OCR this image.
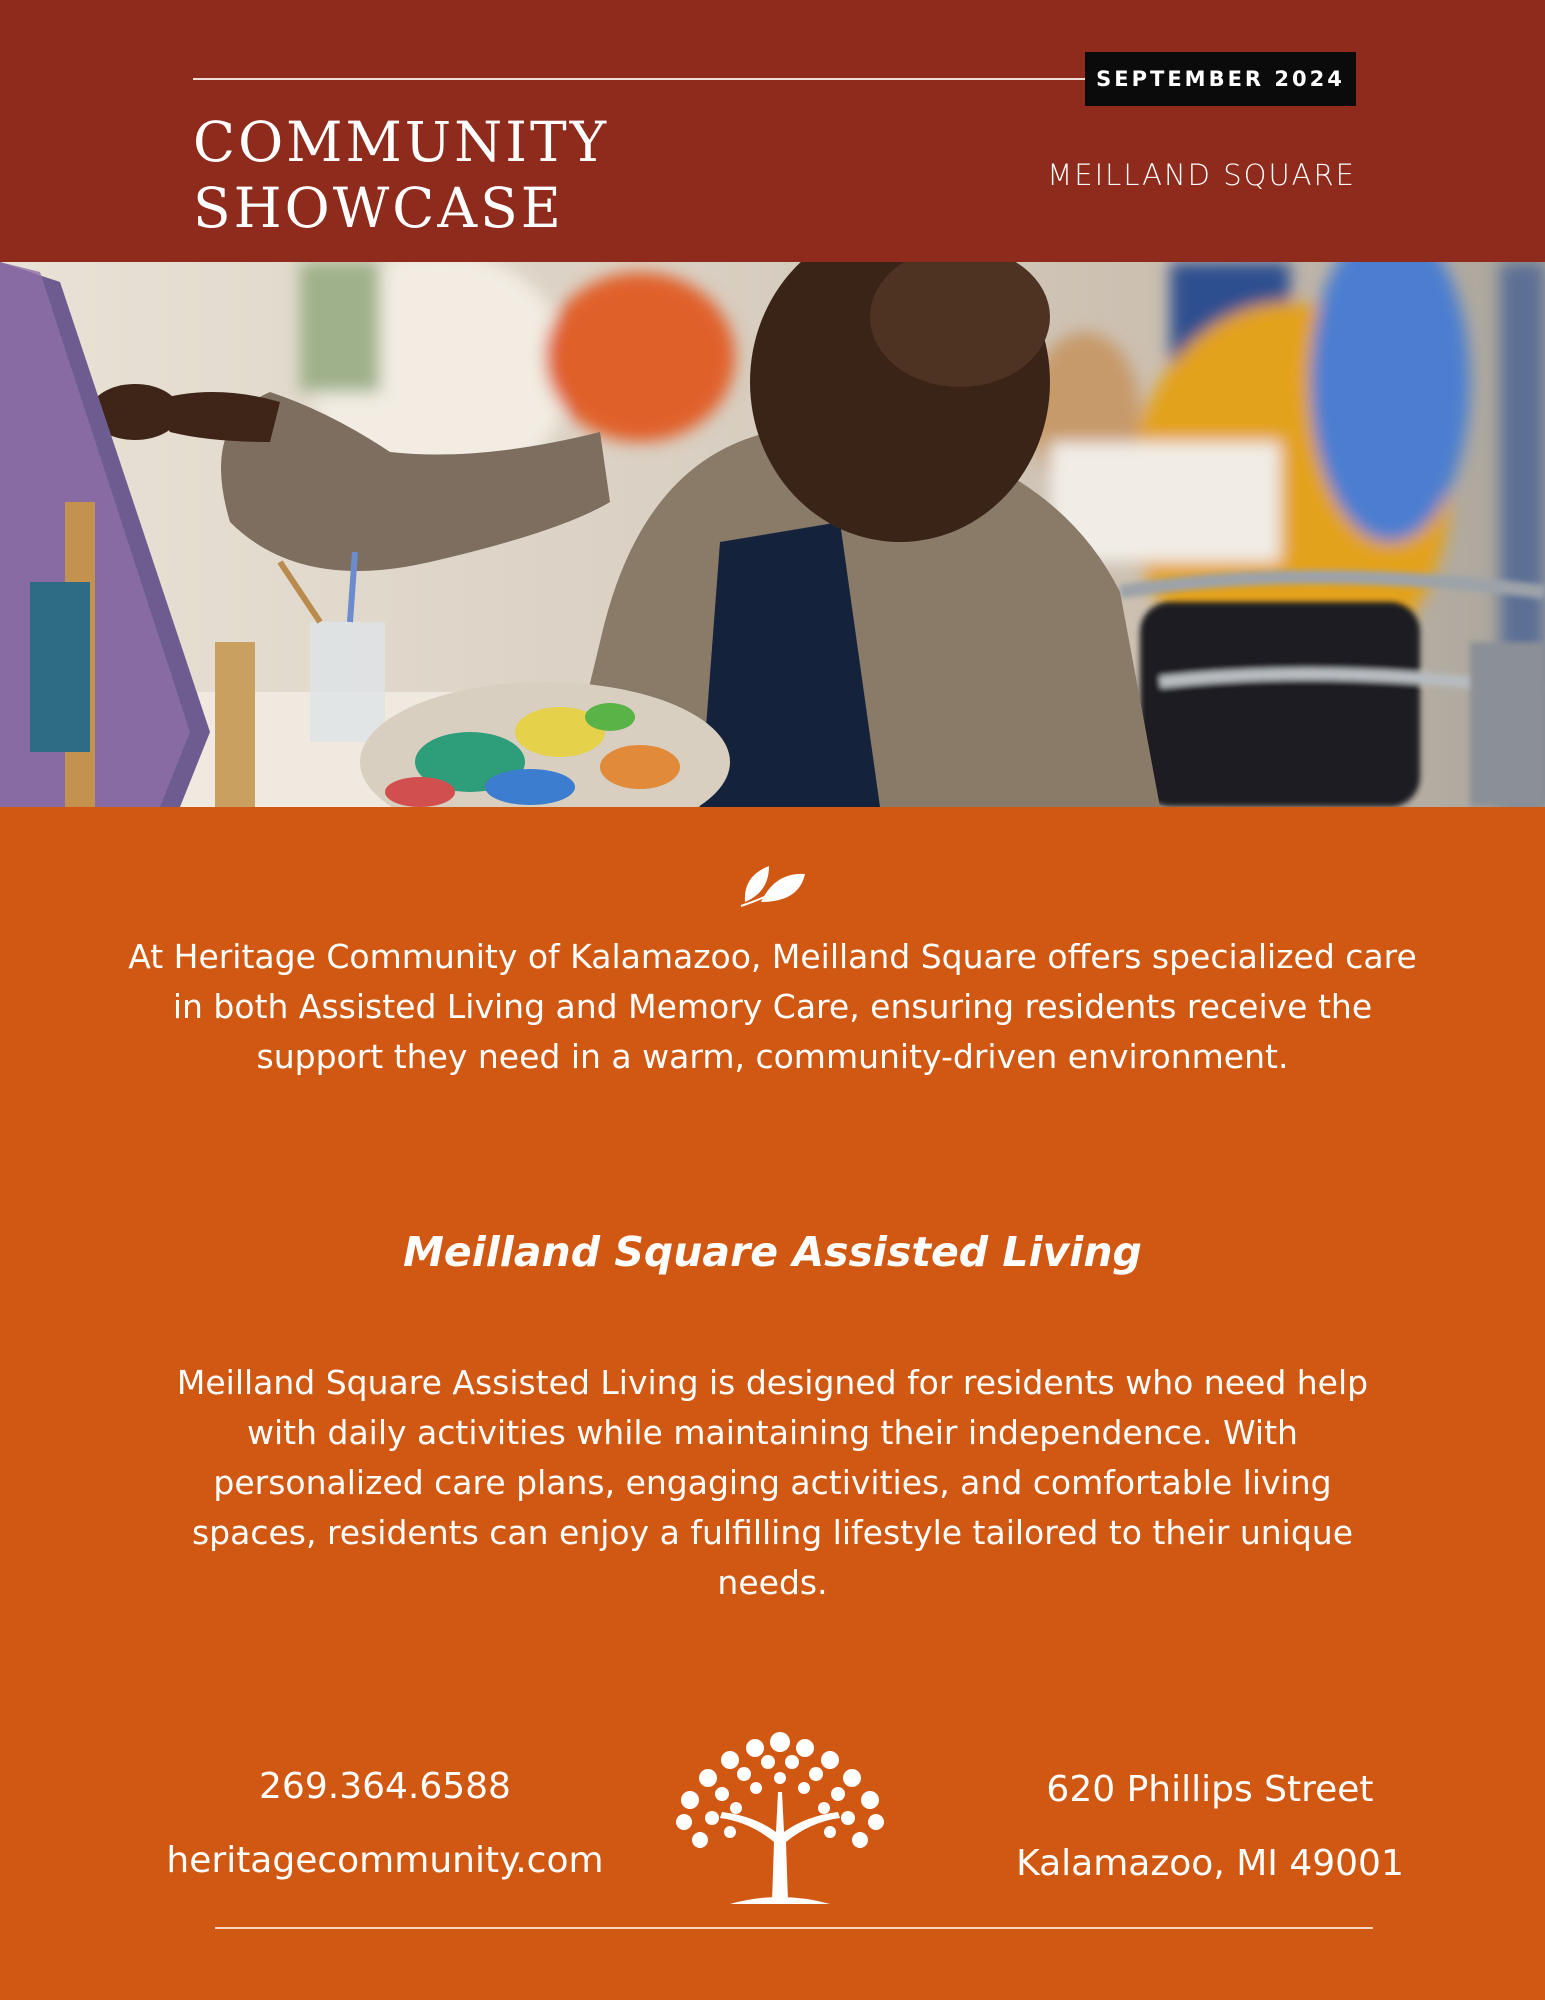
SEPTEMBER 2024
community
showcase	MEILLAND SQUARE
At Heritage Community of Kalamazoo, Meilland Square offers specialized care in both Assisted Living and Memory Care, ensuring residents receive the support they need in a warm, community-driven environment.
Meilland Square Assisted Living
Meilland Square Assisted Living is designed for residents who need help with daily activities while maintaining their independence. With personalized care plans, engaging activities, and comfortable living spaces, residents can enjoy a fulfilling lifestyle tailored to their unique needs.
269.364.6588
heritagecommunity.com
620 Phillips Street
Kalamazoo, MI 49001
